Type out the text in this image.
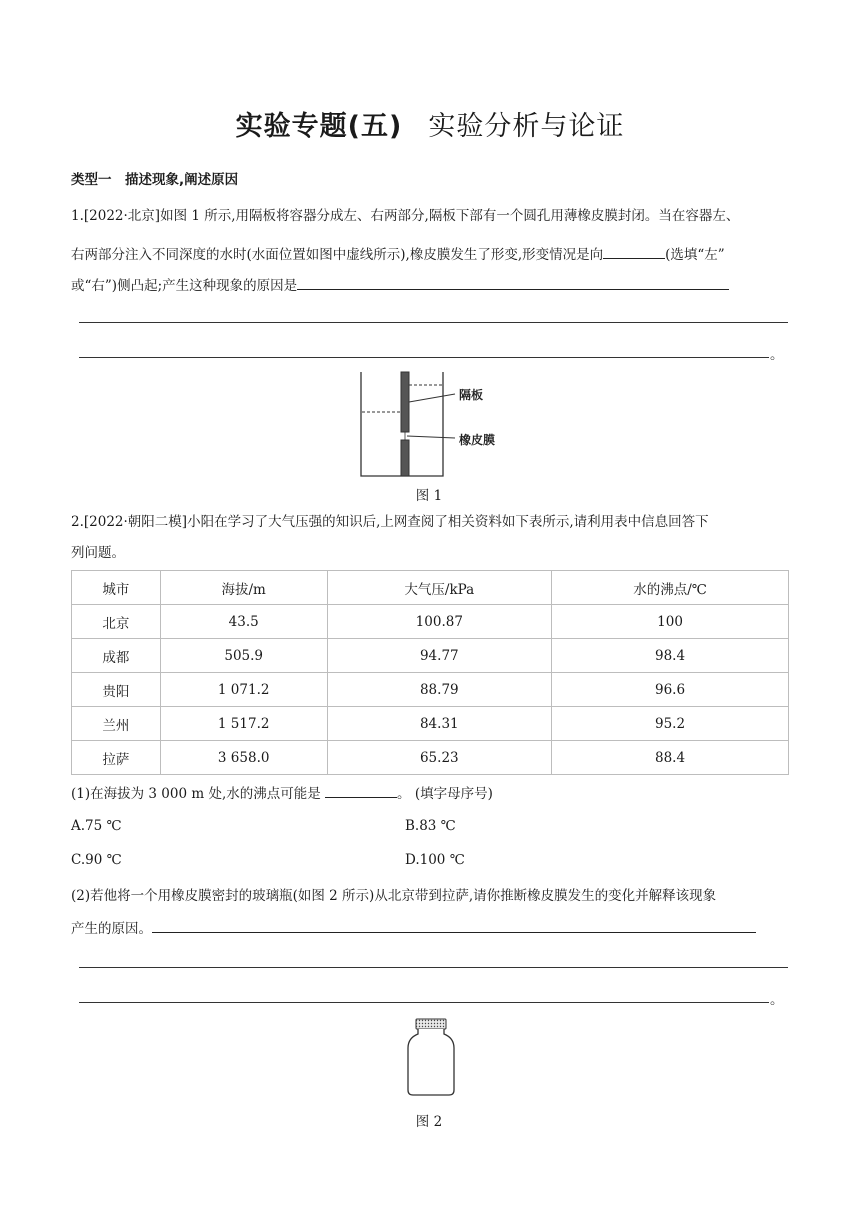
实验专题(五) 实验分析与论证
类型一　描述现象,阐述原因
1.[2022·北京]如图 1 所示,用隔板将容器分成左、右两部分,隔板下部有一个圆孔用薄橡皮膜封闭。当在容器左、
右两部分注入不同深度的水时(水面位置如图中虚线所示),橡皮膜发生了形变,形变情况是向	(选填“左”
或“右”)侧凸起;产生这种现象的原因是
。
隔板
橡皮膜
图 1
2.[2022·朝阳二模]小阳在学习了大气压强的知识后,上网查阅了相关资料如下表所示,请利用表中信息回答下
列问题。
城市	海拔/m	大气压/kPa	水的沸点/℃
北京	43.5	100.87	100
成都	505.9	94.77	98.4
贵阳	1 071.2	88.79	96.6
兰州	1 517.2	84.31	95.2
拉萨	3 658.0	65.23	88.4
(1)在海拔为 3 000 m 处,水的沸点可能是	。 (填字母序号)
A.75 ℃	B.83 ℃
C.90 ℃	D.100 ℃
(2)若他将一个用橡皮膜密封的玻璃瓶(如图 2 所示)从北京带到拉萨,请你推断橡皮膜发生的变化并解释该现象
产生的原因。
。
图 2
